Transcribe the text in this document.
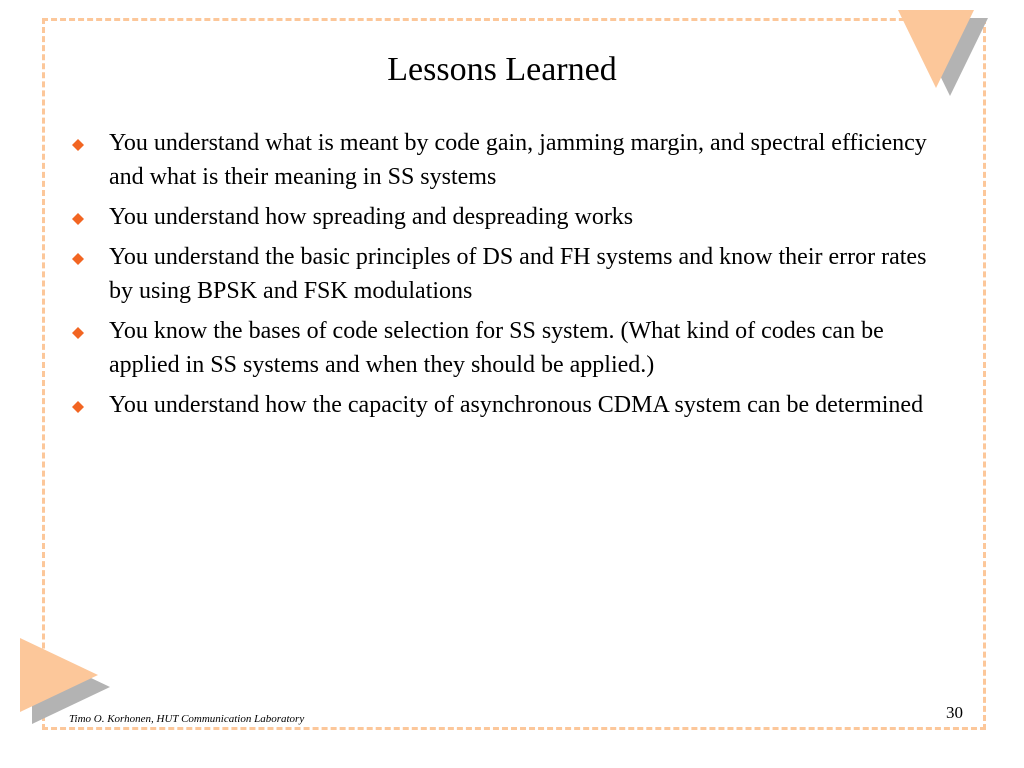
Lessons Learned
You understand what is meant by code gain, jamming margin, and spectral efficiency and what is their meaning in SS systems
You understand how spreading and despreading works
You understand the basic principles of DS and FH systems and know their error rates by using BPSK and FSK modulations
You know the bases of code selection for SS system. (What kind of codes can be applied in SS systems and when they should be applied.)
You understand how the capacity of asynchronous CDMA system can be determined
Timo O. Korhonen, HUT Communication Laboratory	30
